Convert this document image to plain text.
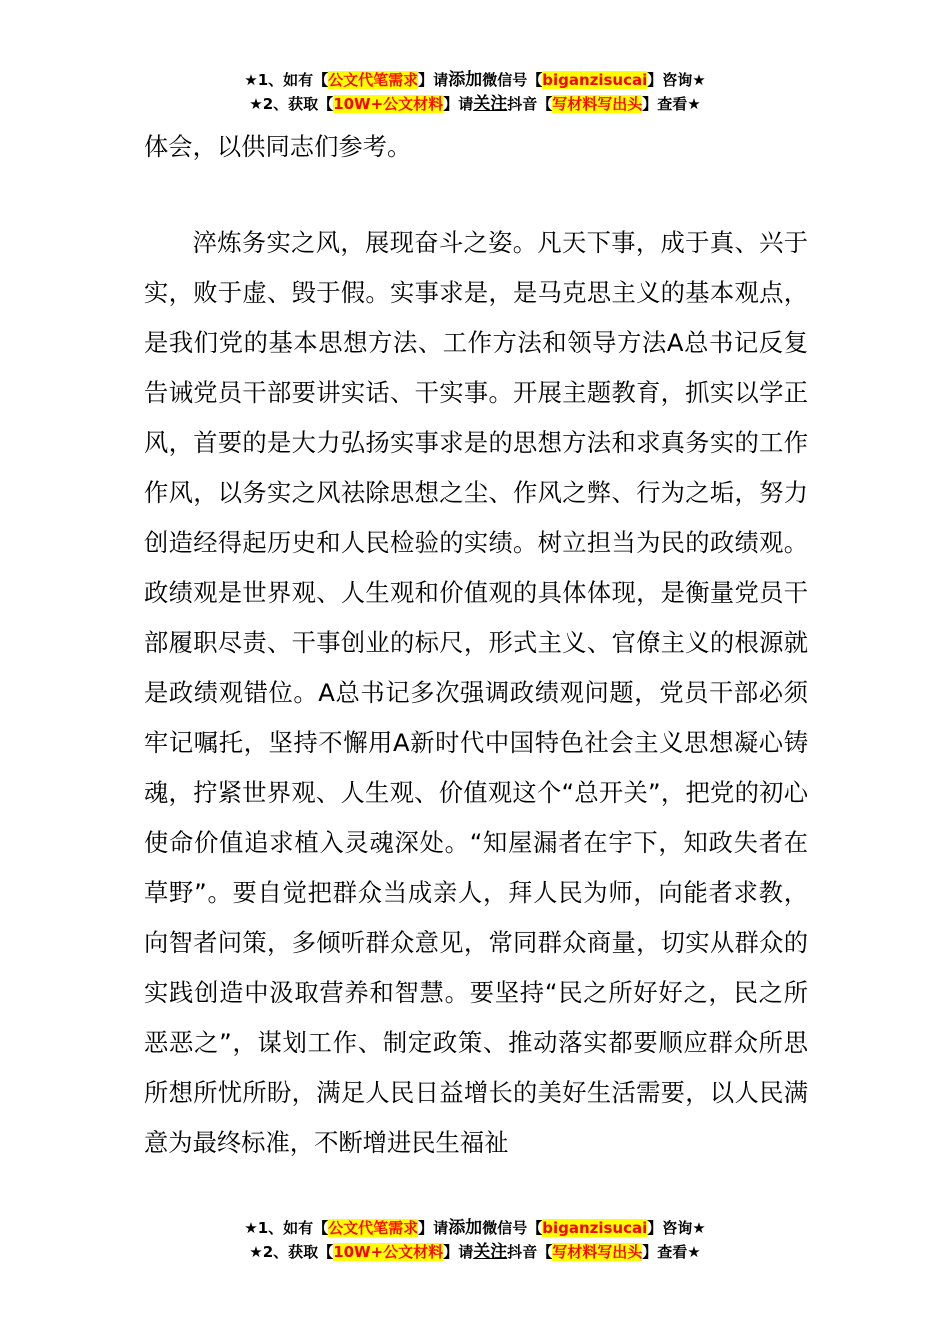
★1、如有【公文代笔需求】请添加微信号【biganzisucai】咨询★
★2、获取【10W+公文材料】请关注抖音【写材料写出头】查看★

体会，以供同志们参考。

淬炼务实之风，展现奋斗之姿。凡天下事，成于真、兴于实，败于虚、毁于假。实事求是，是马克思主义的基本观点，是我们党的基本思想方法、工作方法和领导方法A总书记反复告诫党员干部要讲实话、干实事。开展主题教育，抓实以学正风，首要的是大力弘扬实事求是的思想方法和求真务实的工作作风，以务实之风祛除思想之尘、作风之弊、行为之垢，努力创造经得起历史和人民检验的实绩。树立担当为民的政绩观。政绩观是世界观、人生观和价值观的具体体现，是衡量党员干部履职尽责、干事创业的标尺，形式主义、官僚主义的根源就是政绩观错位。A总书记多次强调政绩观问题，党员干部必须牢记嘱托，坚持不懈用A新时代中国特色社会主义思想凝心铸魂，拧紧世界观、人生观、价值观这个“总开关”，把党的初心使命价值追求植入灵魂深处。“知屋漏者在宇下，知政失者在草野”。要自觉把群众当成亲人，拜人民为师，向能者求教，向智者问策，多倾听群众意见，常同群众商量，切实从群众的实践创造中汲取营养和智慧。要坚持“民之所好好之，民之所恶恶之”，谋划工作、制定政策、推动落实都要顺应群众所思所想所忧所盼，满足人民日益增长的美好生活需要，以人民满意为最终标准，不断增进民生福祉

★1、如有【公文代笔需求】请添加微信号【biganzisucai】咨询★
★2、获取【10W+公文材料】请关注抖音【写材料写出头】查看★
